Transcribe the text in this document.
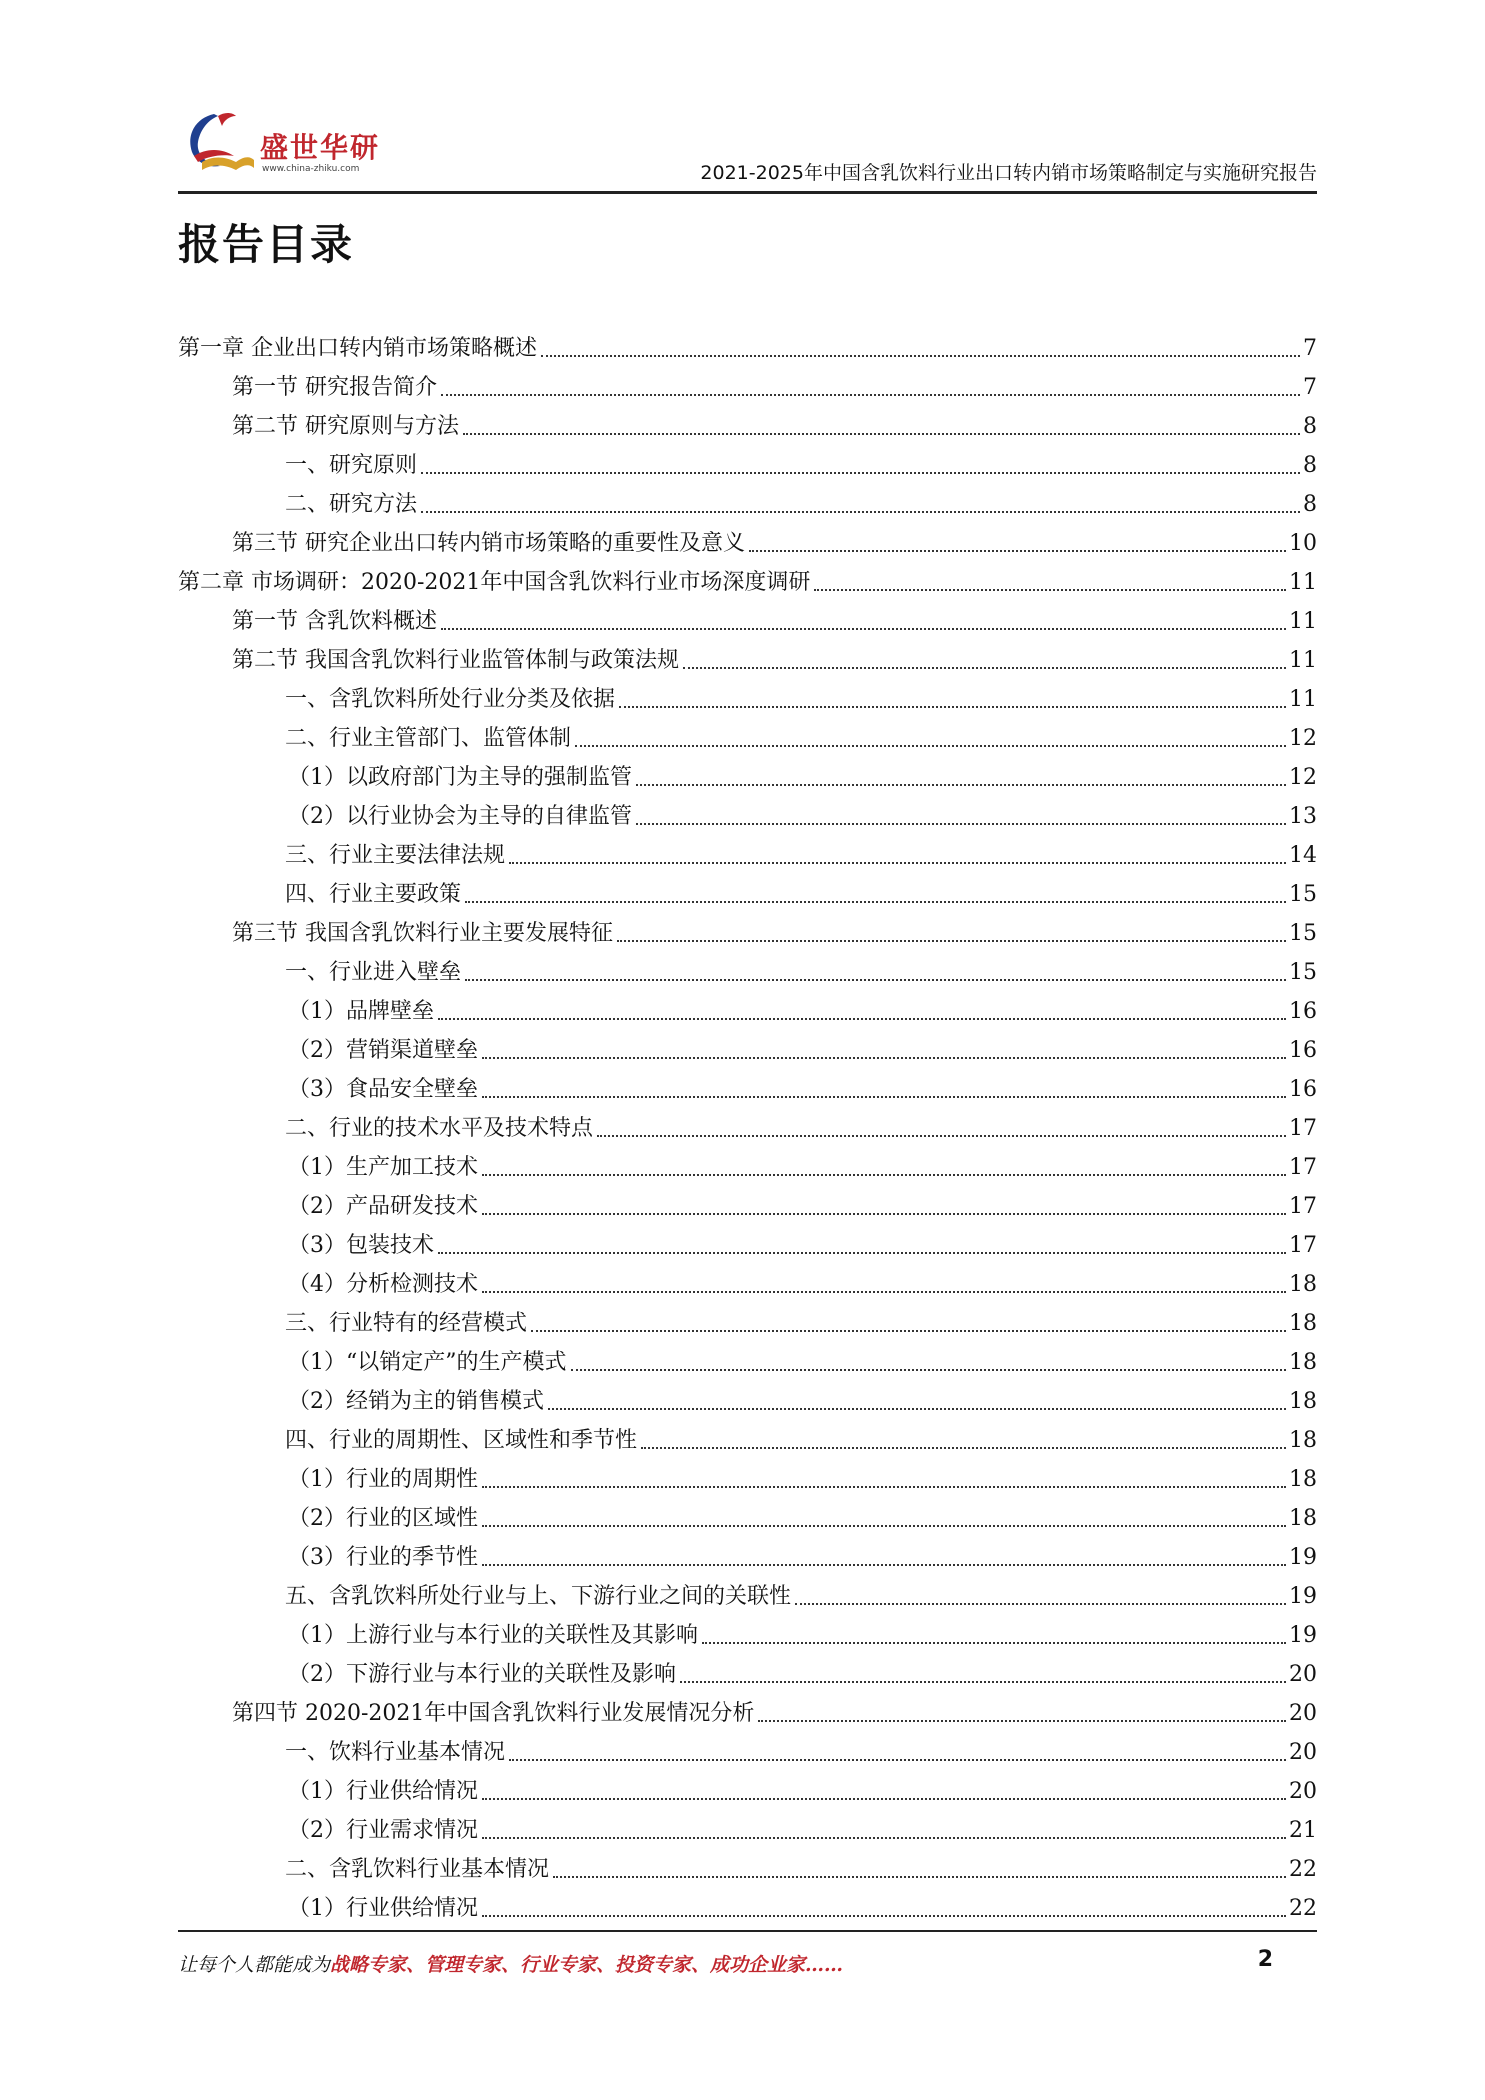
盛世华研
www.china-zhiku.com	2021-2025年中国含乳饮料行业出口转内销市场策略制定与实施研究报告
报告目录
第一章 企业出口转内销市场策略概述	7
第一节 研究报告简介	7
第二节 研究原则与方法	8
一、研究原则	8
二、研究方法	8
第三节 研究企业出口转内销市场策略的重要性及意义	10
第二章 市场调研：2020-2021年中国含乳饮料行业市场深度调研	11
第一节 含乳饮料概述	11
第二节 我国含乳饮料行业监管体制与政策法规	11
一、含乳饮料所处行业分类及依据	11
二、行业主管部门、监管体制	12
（1）以政府部门为主导的强制监管	12
（2）以行业协会为主导的自律监管	13
三、行业主要法律法规	14
四、行业主要政策	15
第三节 我国含乳饮料行业主要发展特征	15
一、行业进入壁垒	15
（1）品牌壁垒	16
（2）营销渠道壁垒	16
（3）食品安全壁垒	16
二、行业的技术水平及技术特点	17
（1）生产加工技术	17
（2）产品研发技术	17
（3）包装技术	17
（4）分析检测技术	18
三、行业特有的经营模式	18
（1）“以销定产”的生产模式	18
（2）经销为主的销售模式	18
四、行业的周期性、区域性和季节性	18
（1）行业的周期性	18
（2）行业的区域性	18
（3）行业的季节性	19
五、含乳饮料所处行业与上、下游行业之间的关联性	19
（1）上游行业与本行业的关联性及其影响	19
（2）下游行业与本行业的关联性及影响	20
第四节 2020-2021年中国含乳饮料行业发展情况分析	20
一、饮料行业基本情况	20
（1）行业供给情况	20
（2）行业需求情况	21
二、含乳饮料行业基本情况	22
（1）行业供给情况	22
让每个人都能成为战略专家、管理专家、行业专家、投资专家、成功企业家……	2
